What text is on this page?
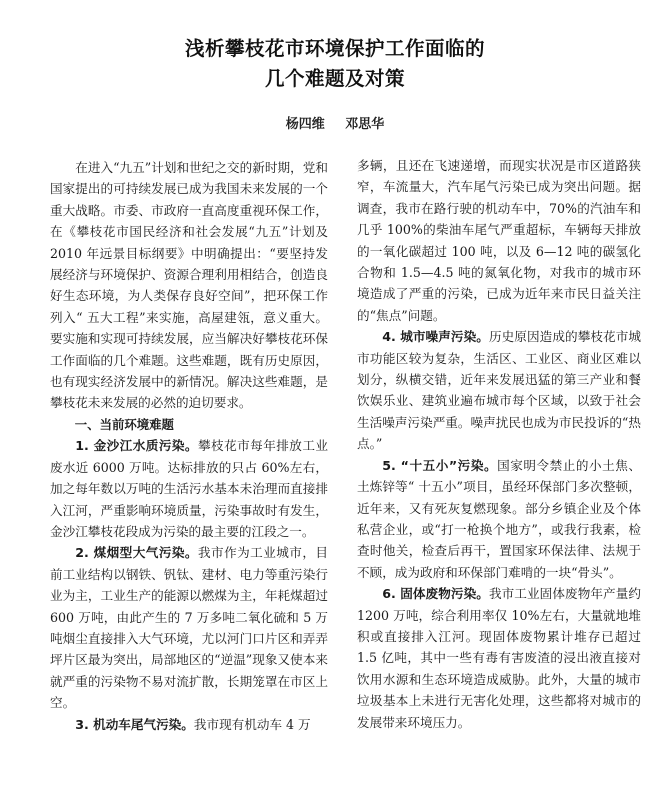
浅析攀枝花市环境保护工作面临的
几个难题及对策
杨四维 邓思华

在进入“九五”计划和世纪之交的新时期，党和国家提出的可持续发展已成为我国未来发展的一个重大战略。市委、市政府一直高度重视环保工作，在《攀枝花市国民经济和社会发展“九五”计划及 2010 年远景目标纲要》中明确提出：“要坚持发展经济与环境保护、资源合理利用相结合，创造良好生态环境，为人类保存良好空间”，把环保工作列入“ 五大工程”来实施，高屋建瓴，意义重大。要实施和实现可持续发展，应当解决好攀枝花环保工作面临的几个难题。这些难题，既有历史原因，也有现实经济发展中的新情况。解决这些难题，是攀枝花未来发展的必然的迫切要求。

一、当前环境难题

1. 金沙江水质污染。攀枝花市每年排放工业废水近 6000 万吨。达标排放的只占 60%左右，加之每年数以万吨的生活污水基本未治理而直接排入江河，严重影响环境质量，污染事故时有发生，金沙江攀枝花段成为污染的最主要的江段之一。

2. 煤烟型大气污染。我市作为工业城市，目前工业结构以钢铁、钒钛、建材、电力等重污染行业为主，工业生产的能源以燃煤为主，年耗煤超过 600 万吨，由此产生的 7 万多吨二氧化硫和 5 万吨烟尘直接排入大气环境，尤以河门口片区和弄弄坪片区最为突出，局部地区的“逆温”现象又使本来就严重的污染物不易对流扩散，长期笼罩在市区上空。

3. 机动车尾气污染。我市现有机动车 4 万

多辆，且还在飞速递增，而现实状况是市区道路狭窄，车流量大，汽车尾气污染已成为突出问题。据调查，我市在路行驶的机动车中，70%的汽油车和几乎 100%的柴油车尾气严重超标，车辆每天排放的一氧化碳超过 100 吨，以及 6—12 吨的碳氢化合物和 1.5—4.5 吨的氮氧化物，对我市的城市环境造成了严重的污染，已成为近年来市民日益关注的“焦点”问题。

4. 城市噪声污染。历史原因造成的攀枝花市城市功能区较为复杂，生活区、工业区、商业区难以划分，纵横交错，近年来发展迅猛的第三产业和餐饮娱乐业、建筑业遍布城市每个区域，以致于社会生活噪声污染严重。噪声扰民也成为市民投诉的“热点。”

5. “十五小”污染。国家明令禁止的小土焦、土炼锌等“ 十五小”项目，虽经环保部门多次整顿，近年来，又有死灰复燃现象。部分乡镇企业及个体私营企业，或“打一枪换个地方”，或我行我素，检查时他关，检查后再干，置国家环保法律、法规于不顾，成为政府和环保部门难啃的一块“骨头”。

6. 固体废物污染。我市工业固体废物年产量约 1200 万吨，综合利用率仅 10%左右，大量就地堆积或直接排入江河。现固体废物累计堆存已超过 1.5 亿吨，其中一些有毒有害废渣的浸出液直接对饮用水源和生态环境造成威胁。此外，大量的城市垃圾基本上未进行无害化处理，这些都将对城市的发展带来环境压力。
